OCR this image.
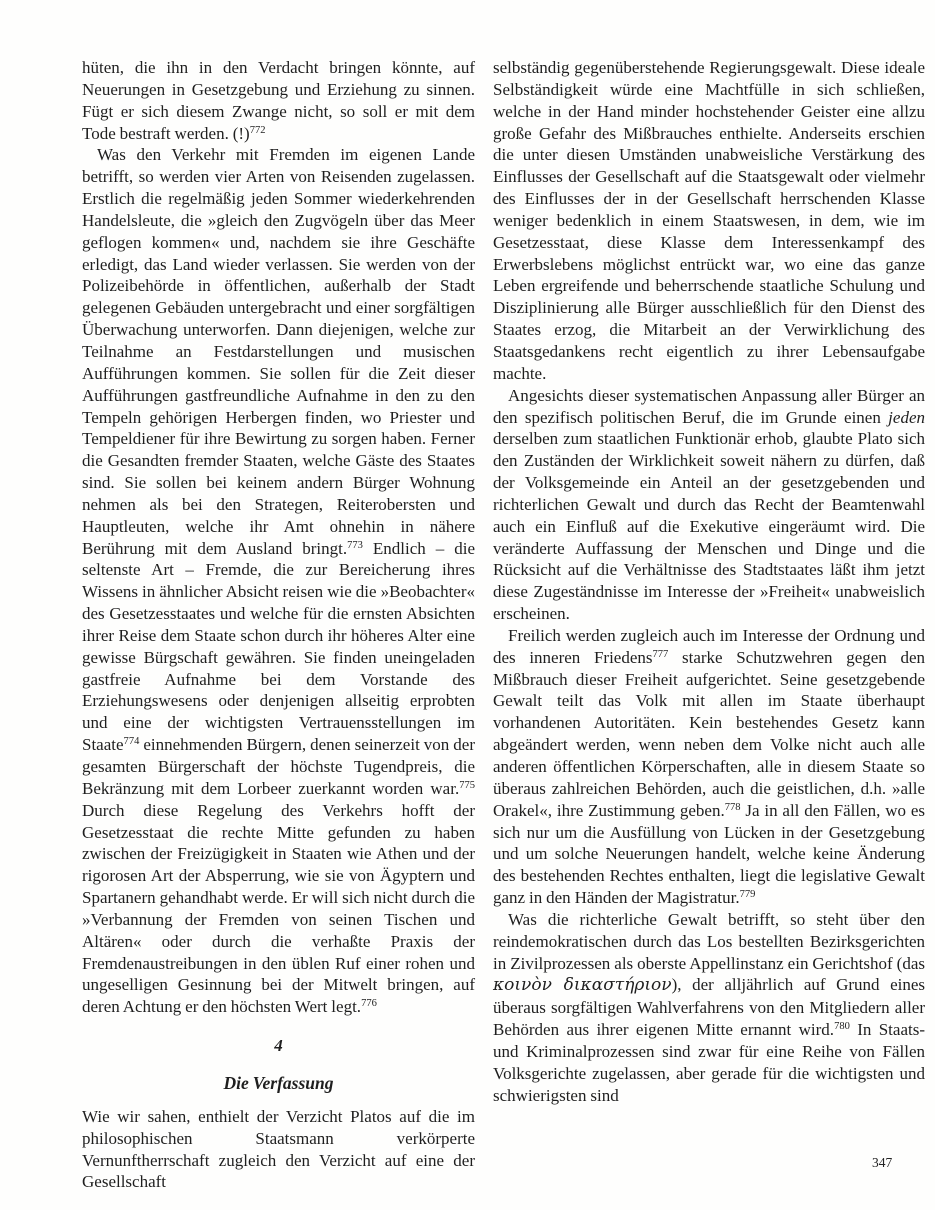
hüten, die ihn in den Verdacht bringen könnte, auf Neuerungen in Gesetzgebung und Erziehung zu sinnen. Fügt er sich diesem Zwange nicht, so soll er mit dem Tode bestraft werden. (!)$^{772}$

Was den Verkehr mit Fremden im eigenen Lande betrifft, so werden vier Arten von Reisenden zugelassen. Erstlich die regelmäßig jeden Sommer wiederkehrenden Handelsleute, die »gleich den Zugvögeln über das Meer geflogen kommen« und, nachdem sie ihre Geschäfte erledigt, das Land wieder verlassen. Sie werden von der Polizeibehörde in öffentlichen, außerhalb der Stadt gelegenen Gebäuden untergebracht und einer sorgfältigen Überwachung unterworfen. Dann diejenigen, welche zur Teilnahme an Festdarstellungen und musischen Aufführungen kommen. Sie sollen für die Zeit dieser Aufführungen gastfreundliche Aufnahme in den zu den Tempeln gehörigen Herbergen finden, wo Priester und Tempeldiener für ihre Bewirtung zu sorgen haben. Ferner die Gesandten fremder Staaten, welche Gäste des Staates sind. Sie sollen bei keinem andern Bürger Wohnung nehmen als bei den Strategen, Reiterobersten und Hauptleuten, welche ihr Amt ohnehin in nähere Berührung mit dem Ausland bringt.$^{773}$ Endlich – die seltenste Art – Fremde, die zur Bereicherung ihres Wissens in ähnlicher Absicht reisen wie die »Beobachter« des Gesetzesstaates und welche für die ernsten Absichten ihrer Reise dem Staate schon durch ihr höheres Alter eine gewisse Bürgschaft gewähren. Sie finden uneingeladen gastfreie Aufnahme bei dem Vorstande des Erziehungswesens oder denjenigen allseitig erprobten und eine der wichtigsten Vertrauensstellungen im Staate$^{774}$ einnehmenden Bürgern, denen seinerzeit von der gesamten Bürgerschaft der höchste Tugendpreis, die Bekränzung mit dem Lorbeer zuerkannt worden war.$^{775}$ Durch diese Regelung des Verkehrs hofft der Gesetzesstaat die rechte Mitte gefunden zu haben zwischen der Freizügigkeit in Staaten wie Athen und der rigorosen Art der Absperrung, wie sie von Ägyptern und Spartanern gehandhabt werde. Er will sich nicht durch die »Verbannung der Fremden von seinen Tischen und Altären« oder durch die verhaßte Praxis der Fremdenaustreibungen in den üblen Ruf einer rohen und ungeselligen Gesinnung bei der Mitwelt bringen, auf deren Achtung er den höchsten Wert legt.$^{776}$

4
Die Verfassung

Wie wir sahen, enthielt der Verzicht Platos auf die im philosophischen Staatsmann verkörperte Vernunftherrschaft zugleich den Verzicht auf eine der Gesellschaft

selbständig gegenüberstehende Regierungsgewalt. Diese ideale Selbständigkeit würde eine Machtfülle in sich schließen, welche in der Hand minder hochstehender Geister eine allzu große Gefahr des Mißbrauches enthielte. Anderseits erschien die unter diesen Umständen unabweisliche Verstärkung des Einflusses der Gesellschaft auf die Staatsgewalt oder vielmehr des Einflusses der in der Gesellschaft herrschenden Klasse weniger bedenklich in einem Staatswesen, in dem, wie im Gesetzesstaat, diese Klasse dem Interessenkampf des Erwerbslebens möglichst entrückt war, wo eine das ganze Leben ergreifende und beherrschende staatliche Schulung und Disziplinierung alle Bürger ausschließlich für den Dienst des Staates erzog, die Mitarbeit an der Verwirklichung des Staatsgedankens recht eigentlich zu ihrer Lebensaufgabe machte.

Angesichts dieser systematischen Anpassung aller Bürger an den spezifisch politischen Beruf, die im Grunde einen jeden derselben zum staatlichen Funktionär erhob, glaubte Plato sich den Zuständen der Wirklichkeit soweit nähern zu dürfen, daß der Volksgemeinde ein Anteil an der gesetzgebenden und richterlichen Gewalt und durch das Recht der Beamtenwahl auch ein Einfluß auf die Exekutive eingeräumt wird. Die veränderte Auffassung der Menschen und Dinge und die Rücksicht auf die Verhältnisse des Stadtstaates läßt ihm jetzt diese Zugeständnisse im Interesse der »Freiheit« unabweislich erscheinen.

Freilich werden zugleich auch im Interesse der Ordnung und des inneren Friedens$^{777}$ starke Schutzwehren gegen den Mißbrauch dieser Freiheit aufgerichtet. Seine gesetzgebende Gewalt teilt das Volk mit allen im Staate überhaupt vorhandenen Autoritäten. Kein bestehendes Gesetz kann abgeändert werden, wenn neben dem Volke nicht auch alle anderen öffentlichen Körperschaften, alle in diesem Staate so überaus zahlreichen Behörden, auch die geistlichen, d.h. »alle Orakel«, ihre Zustimmung geben.$^{778}$ Ja in all den Fällen, wo es sich nur um die Ausfüllung von Lücken in der Gesetzgebung und um solche Neuerungen handelt, welche keine Änderung des bestehenden Rechtes enthalten, liegt die legislative Gewalt ganz in den Händen der Magistratur.$^{779}$

Was die richterliche Gewalt betrifft, so steht über den reindemokratischen durch das Los bestellten Bezirksgerichten in Zivilprozessen als oberste Appellinstanz ein Gerichtshof (das κοινὸν δικαστήριον), der alljährlich auf Grund eines überaus sorgfältigen Wahlverfahrens von den Mitgliedern aller Behörden aus ihrer eigenen Mitte ernannt wird.$^{780}$ In Staats- und Kriminalprozessen sind zwar für eine Reihe von Fällen Volksgerichte zugelassen, aber gerade für die wichtigsten und schwierigsten sind

347
